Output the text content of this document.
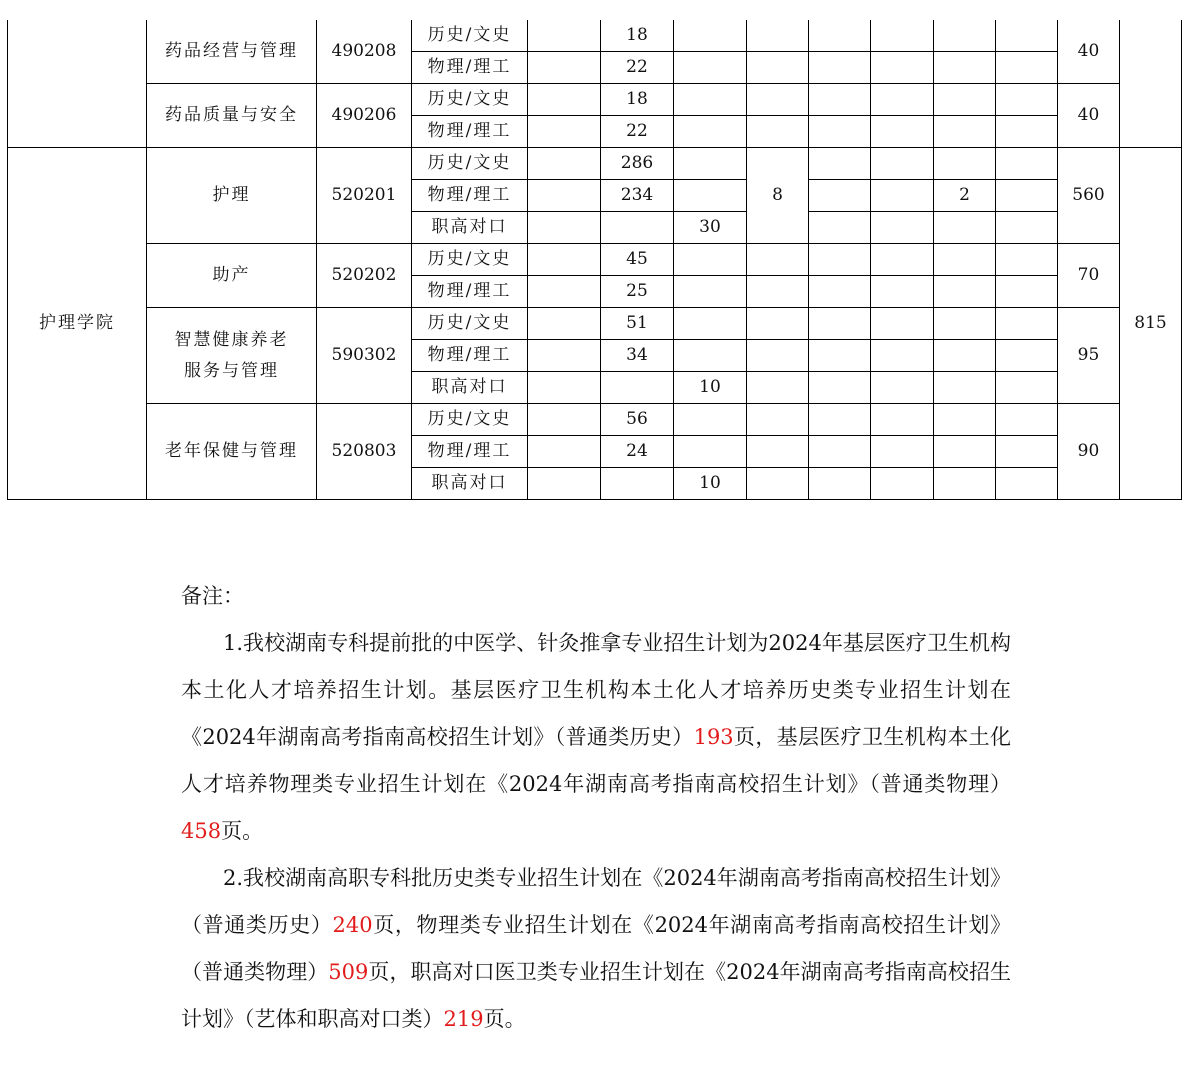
	药品经营与管理	490208	历史/文史		18							40	
			物理/理工		22								
	药品质量与安全	490206	历史/文史		18							40	
			物理/理工		22								
护理学院	护理	520201	历史/文史		286		8					560	815
			物理/理工		234					2			
			职高对口			30							
	助产	520202	历史/文史		45							70	
			物理/理工		25								

	智慧健康养老
服务与管理	590302	历史/文史		51							95	
			物理/理工		34								
			职高对口			10							
	老年保健与管理	520803	历史/文史		56							90	
			物理/理工		24								
			职高对口			10							

备注：

1.我校湖南专科提前批的中医学、针灸推拿专业招生计划为2024年基层医疗卫生机构本土化人才培养招生计划。基层医疗卫生机构本土化人才培养历史类专业招生计划在《2024年湖南高考指南高校招生计划》（普通类历史）193页，基层医疗卫生机构本土化人才培养物理类专业招生计划在《2024年湖南高考指南高校招生计划》（普通类物理）458页。

2.我校湖南高职专科批历史类专业招生计划在《2024年湖南高考指南高校招生计划》（普通类历史）240页，物理类专业招生计划在《2024年湖南高考指南高校招生计划》（普通类物理）509页，职高对口医卫类专业招生计划在《2024年湖南高考指南高校招生计划》（艺体和职高对口类）219页。
